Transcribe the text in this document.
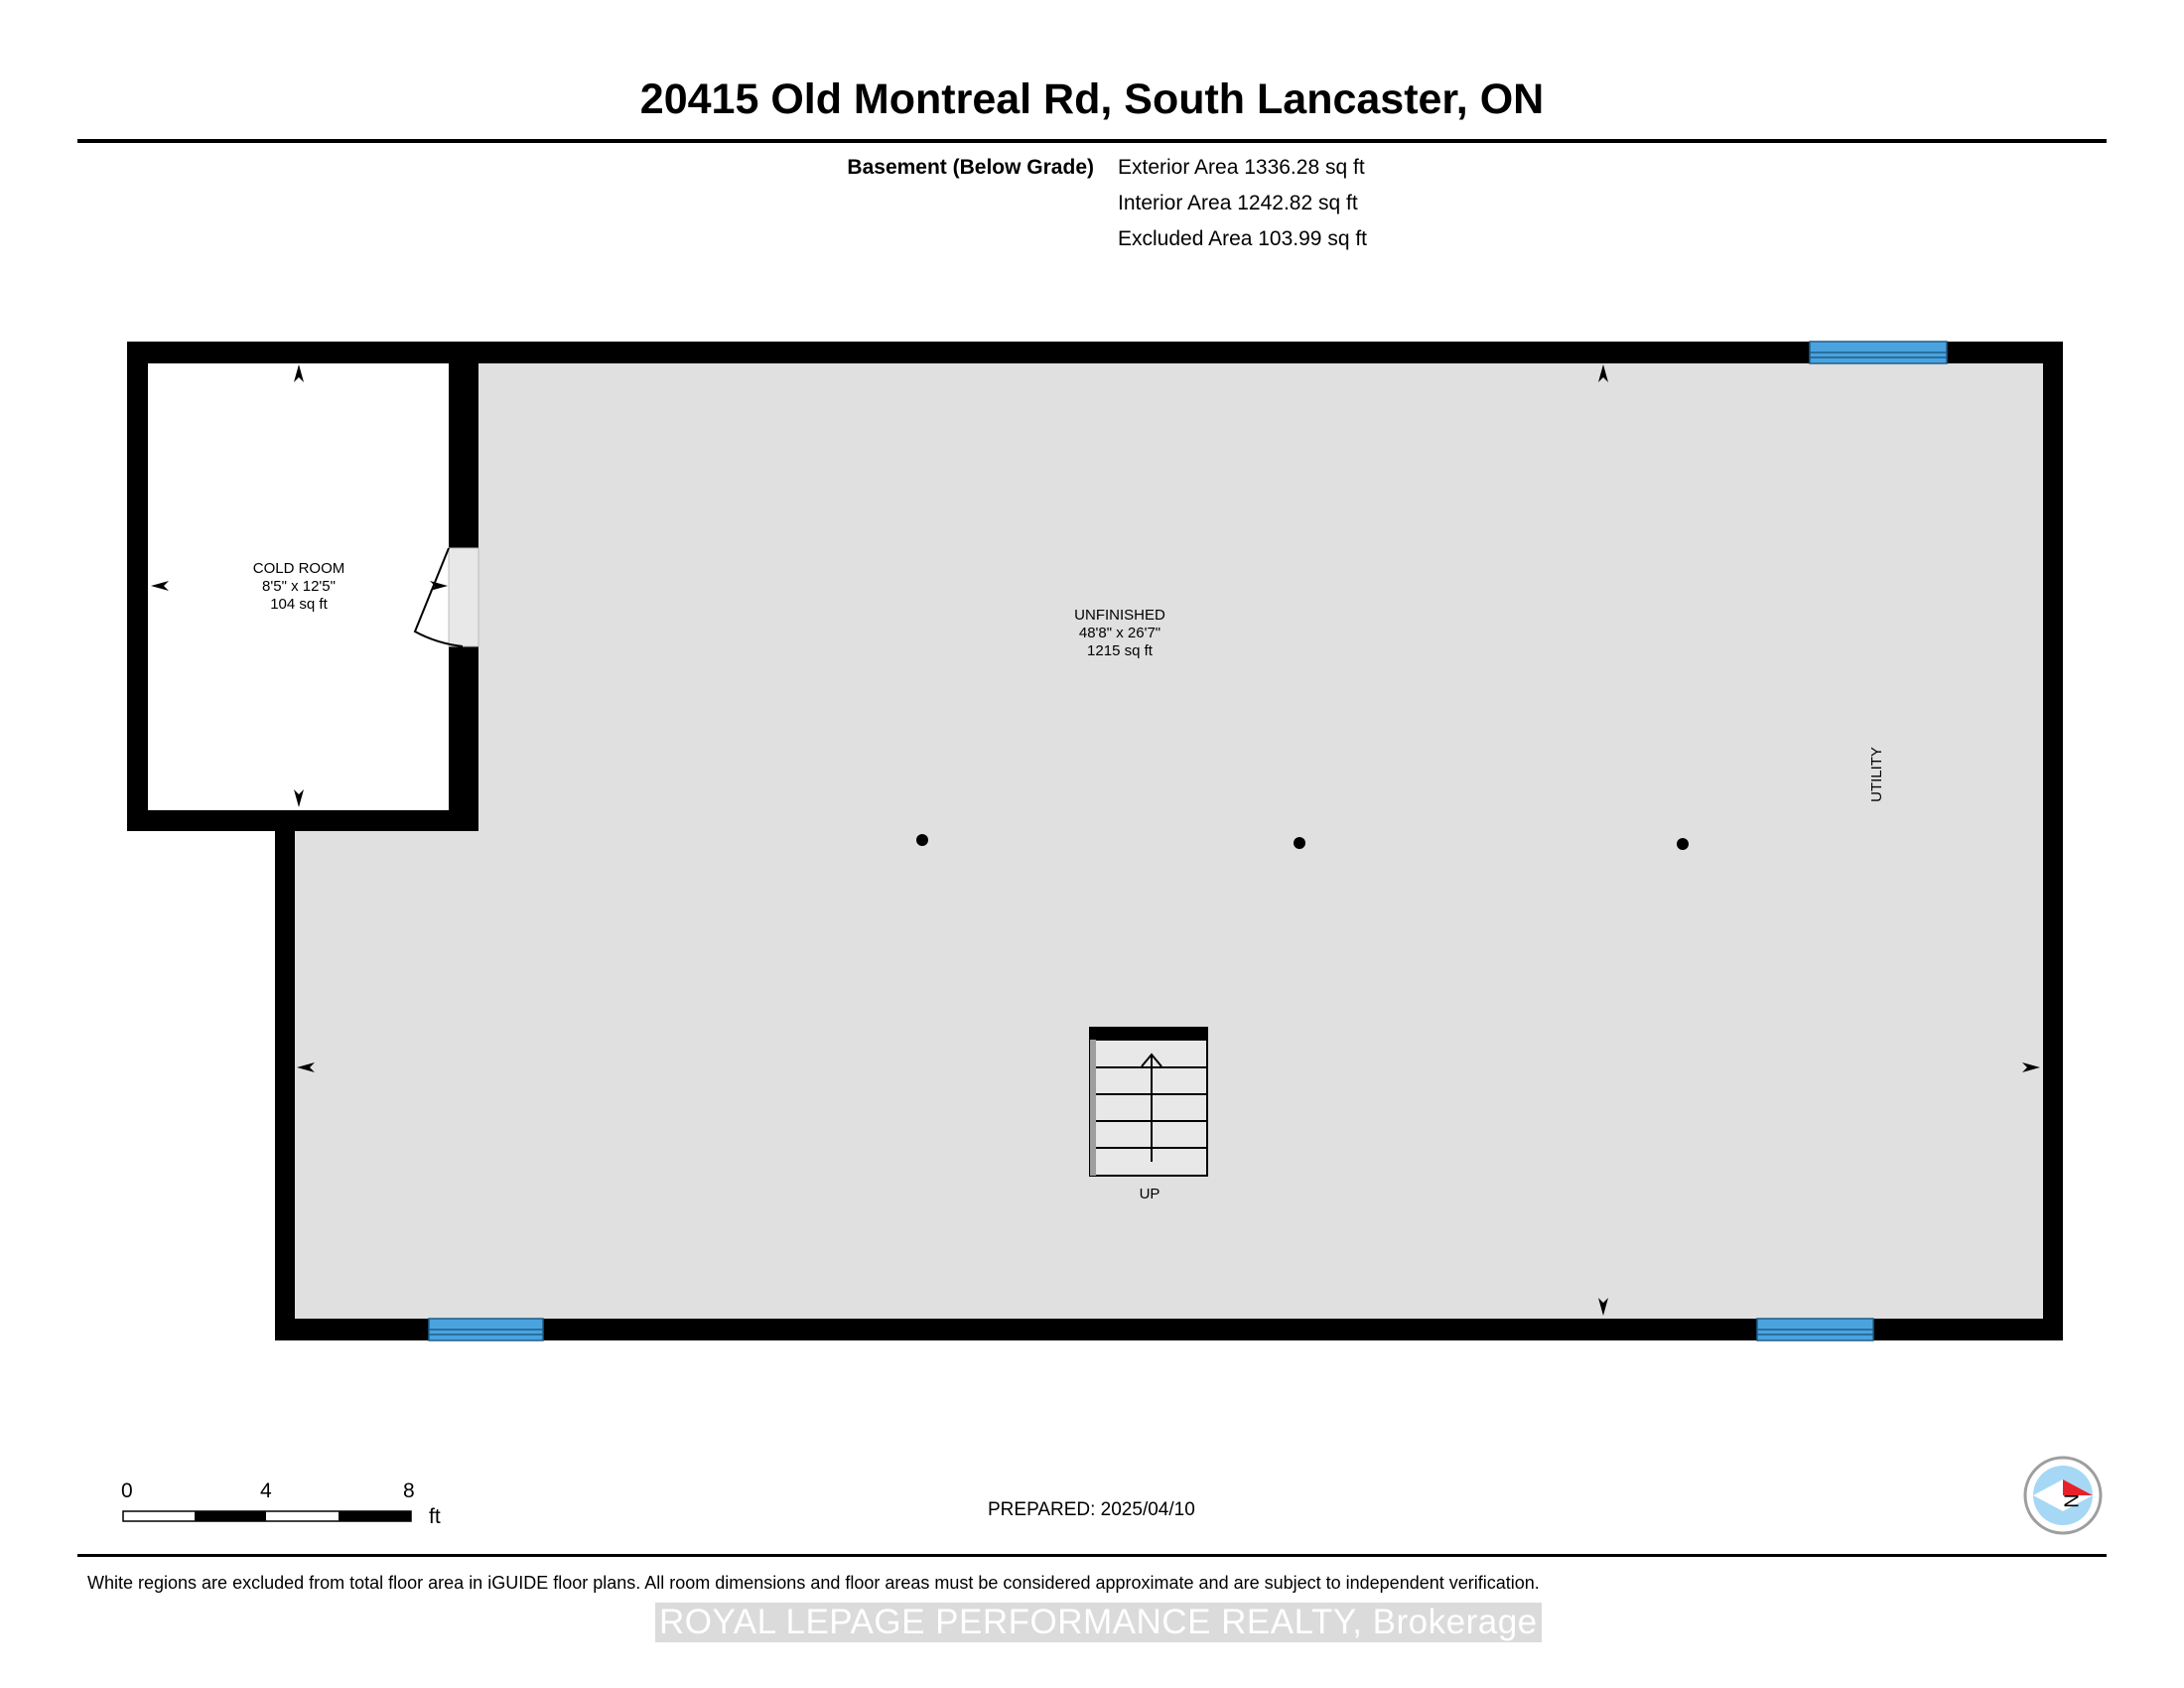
20415 Old Montreal Rd, South Lancaster, ON
Basement (Below Grade) Exterior Area 1336.28 sq ft
Interior Area 1242.82 sq ft
Excluded Area 103.99 sq ft
COLD ROOM
8'5" x 12'5"
104 sq ft
UNFINISHED
48'8" x 26'7"
1215 sq ft
UTILITY
UP
0	4	8
ft	PREPARED: 2025/04/10	N
White regions are excluded from total floor area in iGUIDE floor plans. All room dimensions and floor areas must be considered approximate and are subject to independent verification.
ROYAL LEPAGE PERFORMANCE REALTY, Brokerage
